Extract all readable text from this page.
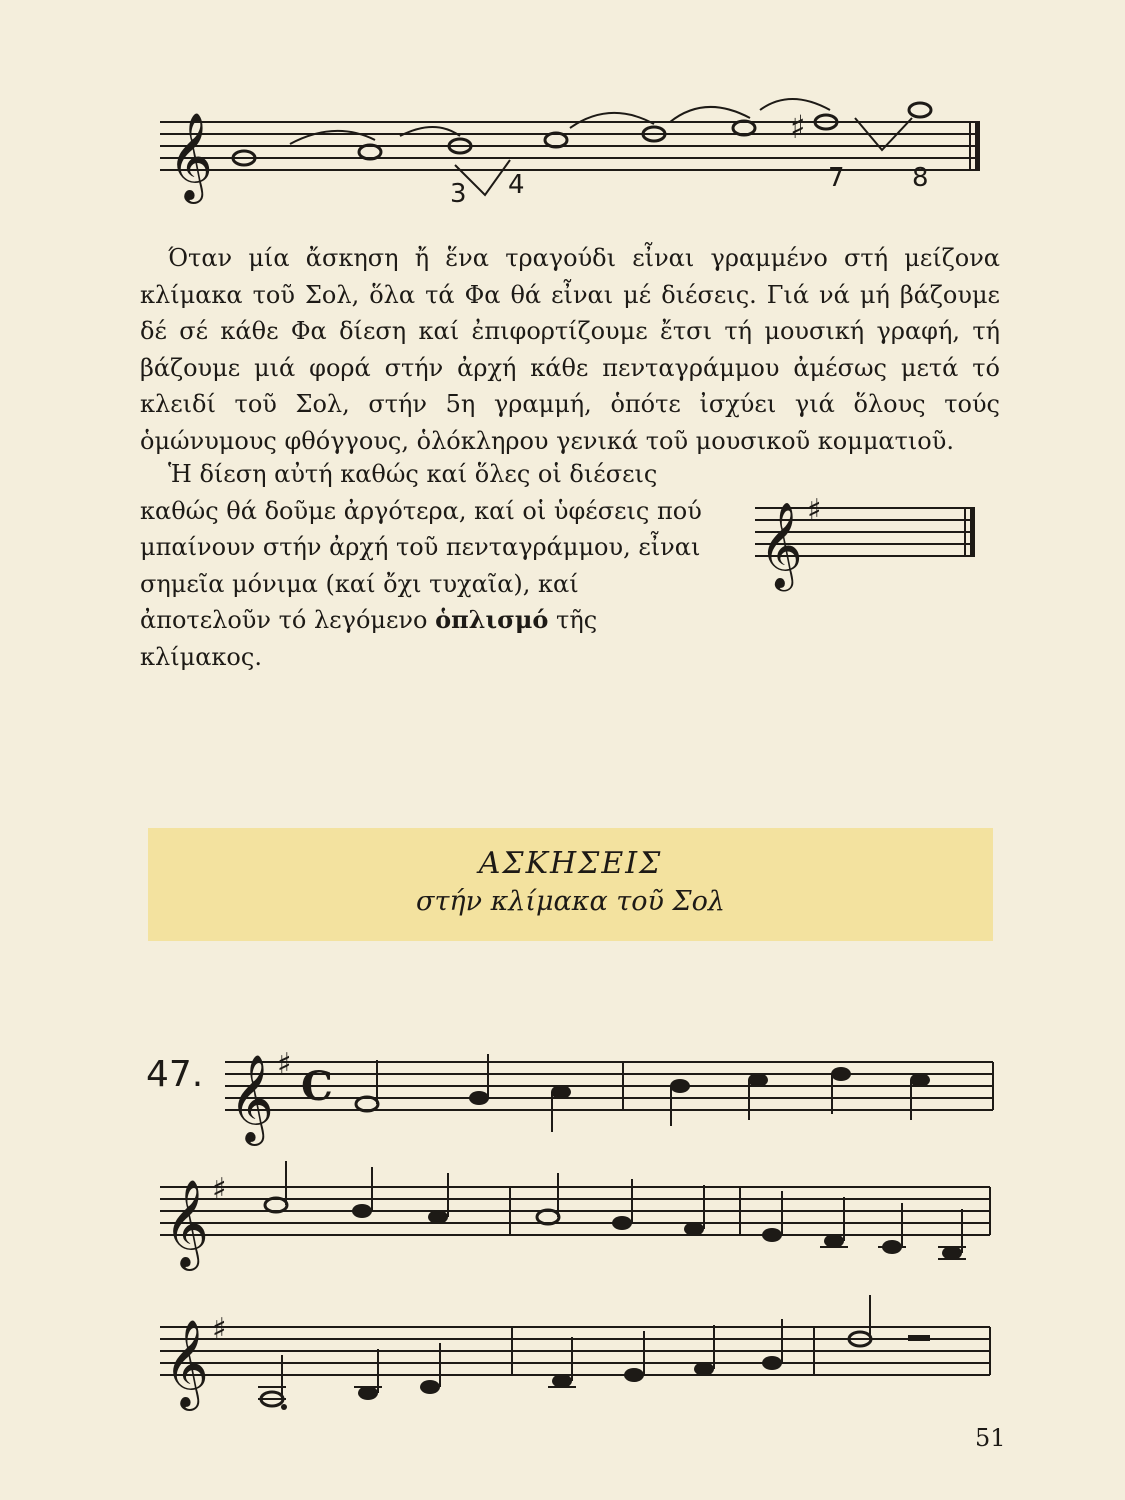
𝄞	♯
3 4	7	8

Όταν μία ἄσκηση ἤ ἕνα τραγούδι εἶναι γραμμένο στή μείζονα κλίμακα τοῦ Σολ, ὅλα τά Φα θά εἶναι μέ διέσεις. Γιά νά μή βάζουμε δέ σέ κάθε Φα δίεση καί ἐπιφορτίζουμε ἔτσι τή μουσική γραφή, τή βάζουμε μιά φορά στήν ἀρχή κάθε πενταγράμμου ἀμέσως μετά τό κλειδί τοῦ Σολ, στήν 5η γραμμή, ὁπότε ἰσχύει γιά ὅλους τούς ὁμώνυμους φθόγγους, ὁλόκληρου γενικά τοῦ μουσικοῦ κομματιοῦ.

Ἡ δίεση αὐτή καθώς καί ὅλες οἱ διέσεις καθώς θά δοῦμε ἀργότερα, καί οἱ ὑφέσεις πού μπαίνουν στήν ἀρχή τοῦ πενταγράμμου, εἶναι σημεῖα μόνιμα (καί ὄχι τυχαῖα), καί ἀποτελοῦν τό λεγόμενο ὁπλισμό τῆς κλίμακος.

𝄞 ♯
ΑΣΚΗΣΕΙΣ
στήν κλίμακα τοῦ Σολ
47. 𝄞 ♯ C
𝄞 ♯
𝄞 ♯
51
